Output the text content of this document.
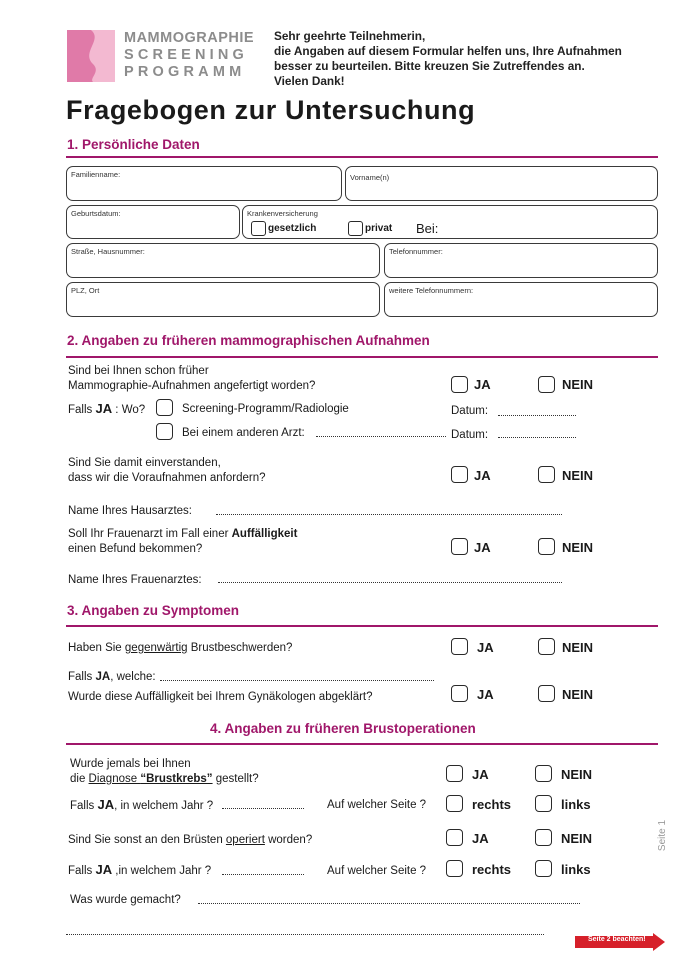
MAMMOGRAPHIE
SCREENING
PROGRAMM
Sehr geehrte Teilnehmerin,
die Angaben auf diesem Formular helfen uns, Ihre Aufnahmen
besser zu beurteilen. Bitte kreuzen Sie Zutreffendes an.
Vielen Dank!
Fragebogen zur Untersuchung
1. Persönliche Daten
Familienname:	Vorname(n)
Geburtsdatum:	Krankenversicherung
gesetzlich	privat Bei:
Straße, Hausnummer:	Telefonnummer:
PLZ, Ort	weitere Telefonnummern:
2. Angaben zu früheren mammographischen Aufnahmen
Sind bei Ihnen schon früher
Mammographie-Aufnahmen angefertigt worden?	JA	NEIN
Falls JA : Wo?	Screening-Programm/Radiologie	Datum:
Bei einem anderen Arzt:	Datum:
Sind Sie damit einverstanden,
dass wir die Voraufnahmen anfordern?	JA	NEIN
Name Ihres Hausarztes:
Soll Ihr Frauenarzt im Fall einer Auffälligkeit
einen Befund bekommen?	JA	NEIN
Name Ihres Frauenarztes:
3. Angaben zu Symptomen
Haben Sie gegenwärtig Brustbeschwerden?	JA	NEIN
Falls JA, welche:
Wurde diese Auffälligkeit bei Ihrem Gynäkologen abgeklärt?	JA	NEIN
4. Angaben zu früheren Brustoperationen
Wurde jemals bei Ihnen
die Diagnose “Brustkrebs” gestellt?	JA	NEIN
Falls JA, in welchem Jahr ?	Auf welcher Seite ?	rechts	links
Sind Sie sonst an den Brüsten operiert worden?	JA	NEIN
Falls JA ,in welchem Jahr ?	Auf welcher Seite ?	rechts	links
Was wurde gemacht?
Seite 1
Seite 2 beachten!
